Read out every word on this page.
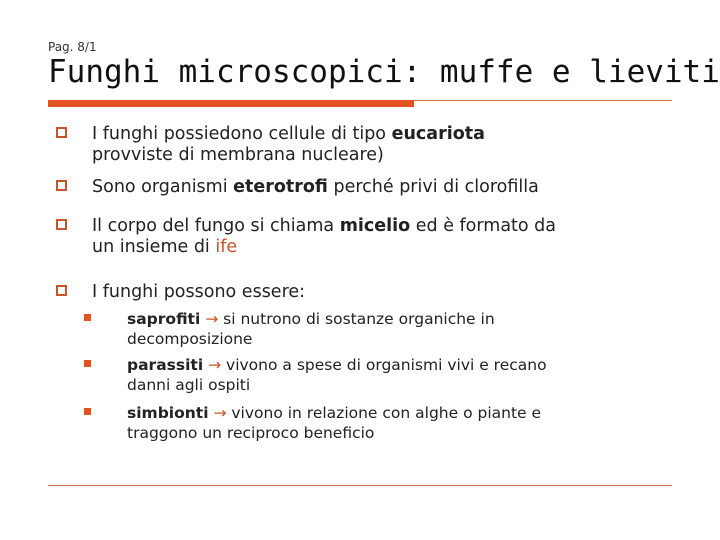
Pag. 8/1
Funghi microscopici: muffe e lieviti
I funghi possiedono cellule di tipo eucariota
provviste di membrana nucleare)
Sono organismi eterotrofi perché privi di clorofilla
Il corpo del fungo si chiama micelio ed è formato da
un insieme di ife
I funghi possono essere:
saprofiti → si nutrono di sostanze organiche in
decomposizione
parassiti → vivono a spese di organismi vivi e recano
danni agli ospiti
simbionti → vivono in relazione con alghe o piante e
traggono un reciproco beneficio
